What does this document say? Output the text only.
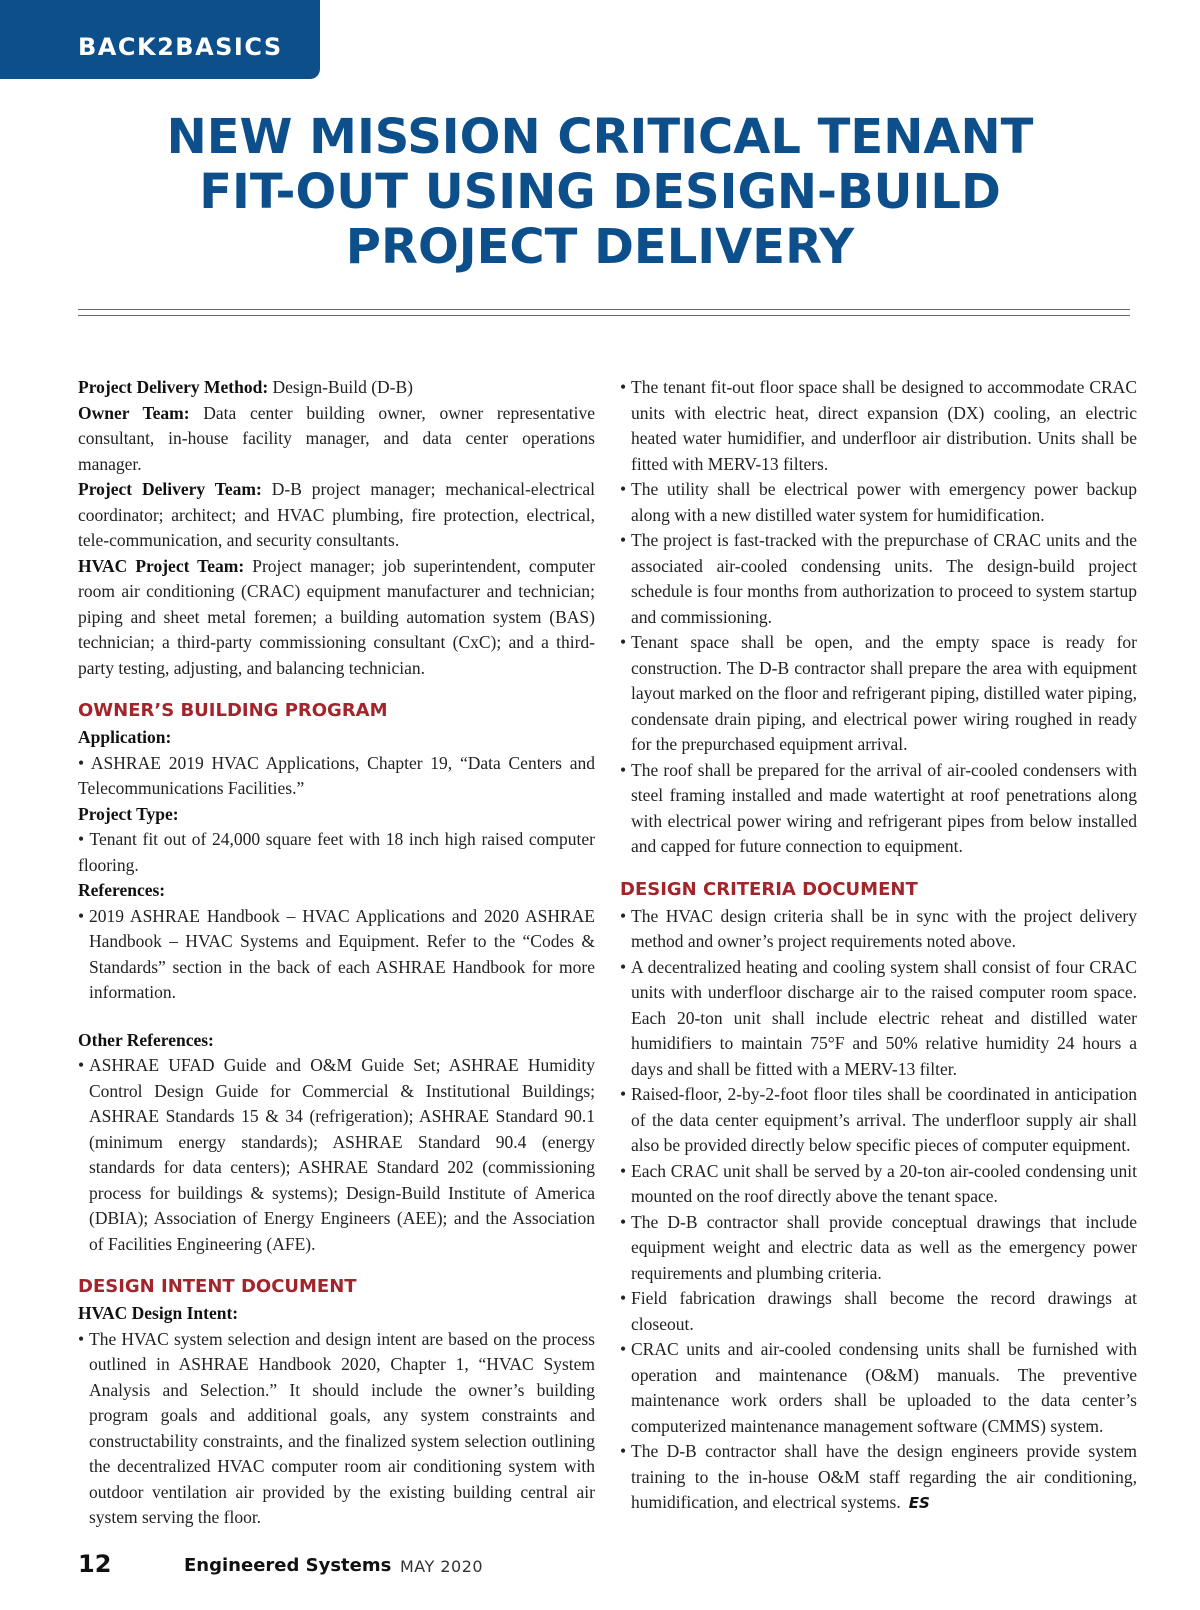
BACK2BASICS
NEW MISSION CRITICAL TENANT
FIT-OUT USING DESIGN-BUILD
PROJECT DELIVERY

Project Delivery Method: Design-Build (D-B)

Owner Team: Data center building owner, owner representative consultant, in-house facility manager, and data center operations manager.

Project Delivery Team: D-B project manager; mechanical-electrical coordinator; architect; and HVAC plumbing, fire protection, electrical, tele-communication, and security consultants.

HVAC Project Team: Project manager; job superintendent, computer room air conditioning (CRAC) equipment manufacturer and technician; piping and sheet metal foremen; a building automation system (BAS) technician; a third-party commissioning consultant (CxC); and a third-party testing, adjusting, and balancing technician.

OWNER’S BUILDING PROGRAM

Application:

• ASHRAE 2019 HVAC Applications, Chapter 19, “Data Centers and Telecommunications Facilities.”

Project Type:

• Tenant fit out of 24,000 square feet with 18 inch high raised computer flooring.

References:

• 2019 ASHRAE Handbook – HVAC Applications and 2020 ASHRAE Handbook – HVAC Systems and Equipment. Refer to the “Codes & Standards” section in the back of each ASHRAE Handbook for more information.

Other References:

• ASHRAE UFAD Guide and O&M Guide Set; ASHRAE Humidity Control Design Guide for Commercial & Institutional Buildings; ASHRAE Standards 15 & 34 (refrigeration); ASHRAE Standard 90.1 (minimum energy standards); ASHRAE Standard 90.4 (energy standards for data centers); ASHRAE Standard 202 (commissioning process for buildings & systems); Design-Build Institute of America (DBIA); Association of Energy Engineers (AEE); and the Association of Facilities Engineering (AFE).
DESIGN INTENT DOCUMENT

HVAC Design Intent:

• The HVAC system selection and design intent are based on the process outlined in ASHRAE Handbook 2020, Chapter 1, “HVAC System Analysis and Selection.” It should include the owner’s building program goals and additional goals, any system constraints and constructability constraints, and the finalized system selection outlining the decentralized HVAC computer room air conditioning system with outdoor ventilation air provided by the existing building central air system serving the floor.
• The tenant fit-out floor space shall be designed to accommodate CRAC units with electric heat, direct expansion (DX) cooling, an electric heated water humidifier, and underfloor air distribution. Units shall be fitted with MERV-13 filters.
• The utility shall be electrical power with emergency power backup along with a new distilled water system for humidification.
• The project is fast-tracked with the prepurchase of CRAC units and the associated air-cooled condensing units. The design-build project schedule is four months from authorization to proceed to system startup and commissioning.
• Tenant space shall be open, and the empty space is ready for construction. The D-B contractor shall prepare the area with equipment layout marked on the floor and refrigerant piping, distilled water piping, condensate drain piping, and electrical power wiring roughed in ready for the prepurchased equipment arrival.
• The roof shall be prepared for the arrival of air-cooled condensers with steel framing installed and made watertight at roof penetrations along with electrical power wiring and refrigerant pipes from below installed and capped for future connection to equipment.
DESIGN CRITERIA DOCUMENT
• The HVAC design criteria shall be in sync with the project delivery method and owner’s project requirements noted above.
• A decentralized heating and cooling system shall consist of four CRAC units with underfloor discharge air to the raised computer room space. Each 20-ton unit shall include electric reheat and distilled water humidifiers to maintain 75°F and 50% relative humidity 24 hours a days and shall be fitted with a MERV-13 filter.
• Raised-floor, 2-by-2-foot floor tiles shall be coordinated in anticipation of the data center equipment’s arrival. The underfloor supply air shall also be provided directly below specific pieces of computer equipment.
• Each CRAC unit shall be served by a 20-ton air-cooled condensing unit mounted on the roof directly above the tenant space.
• The D-B contractor shall provide conceptual drawings that include equipment weight and electric data as well as the emergency power requirements and plumbing criteria.
• Field fabrication drawings shall become the record drawings at closeout.
• CRAC units and air-cooled condensing units shall be furnished with operation and maintenance (O&M) manuals. The preventive maintenance work orders shall be uploaded to the data center’s computerized maintenance management software (CMMS) system.
• The D-B contractor shall have the design engineers provide system training to the in-house O&M staff regarding the air conditioning, humidification, and electrical systems. ES
12	Engineered Systems MAY 2020
